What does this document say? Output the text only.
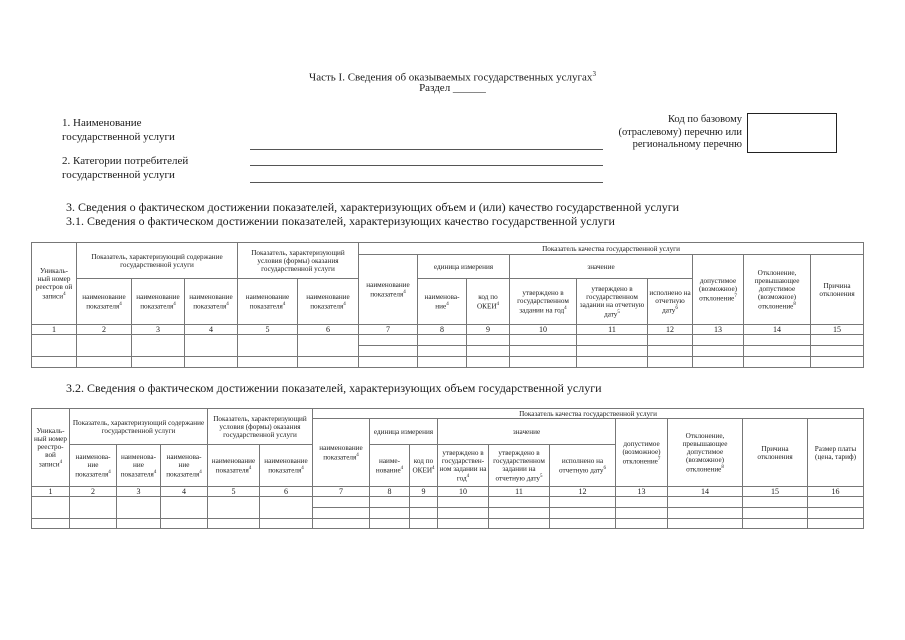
Часть I. Сведения об оказываемых государственных услугах$^3$
Раздел ______
1. Наименование
государственной услуги
2. Категории потребителей
государственной услуги
Код по базовому
(отраслевому) перечню или
региональному перечню
3. Сведения о фактическом достижении показателей, характеризующих объем и (или) качество государственной услуги
3.1. Сведения о фактическом достижении показателей, характеризующих качество государственной услуги
Уникаль- ный номер реестров ой записи$^4$	Показатель, характеризующий содержание государственной услуги			Показатель, характеризующий условия (формы) оказания государственной услуги		Показатель качества государственной услуги								
						наименование показателя$^4$	единица измерения		значение			допустимое (возможное) отклонение$^7$	Отклонение, превышающее допустимое (возможное) отклонение$^8$	Причина отклонения
	наименование показателя$^4$	наименование показателя$^4$	наименование показателя$^4$	наименование показателя$^4$	наименование показателя$^4$		наименова- ние$^4$	код по ОКЕИ$^4$	утверждено в государственном задании на год$^4$	утверждено в государственном задании на отчетную дату$^5$	исполнено на отчетную дату$^6$
1	2	3	4	5	6	7	8	9	10	11	12	13	14	15

3.2. Сведения о фактическом достижении показателей, характеризующих объем государственной услуги
Уникаль- ный номер реестро- вой записи$^4$	Показатель, характеризующий содержание государственной услуги			Показатель, характеризующий условия (формы) оказания государственной услуги		Показатель качества государственной услуги									
						наименование показателя$^4$	единица измерения		значение			допустимое (возможное) отклонение$^7$	Отклонение, превышающее допустимое (возможное) отклонение$^8$	Причина отклонения	Размер платы (цена, тариф)
	наименова- ние показателя$^4$	наименова- ние показателя$^4$	наименова- ние показателя$^4$	наименование показателя$^4$	наименование показателя$^4$		наиме- нование$^4$	код по ОКЕИ$^4$	утверждено в государствен- ном задании на год$^4$	утверждено в государственном задании на отчетную дату$^5$	исполнено на отчетную дату$^6$
1	2	3	4	5	6	7	8	9	10	11	12	13	14	15	16
